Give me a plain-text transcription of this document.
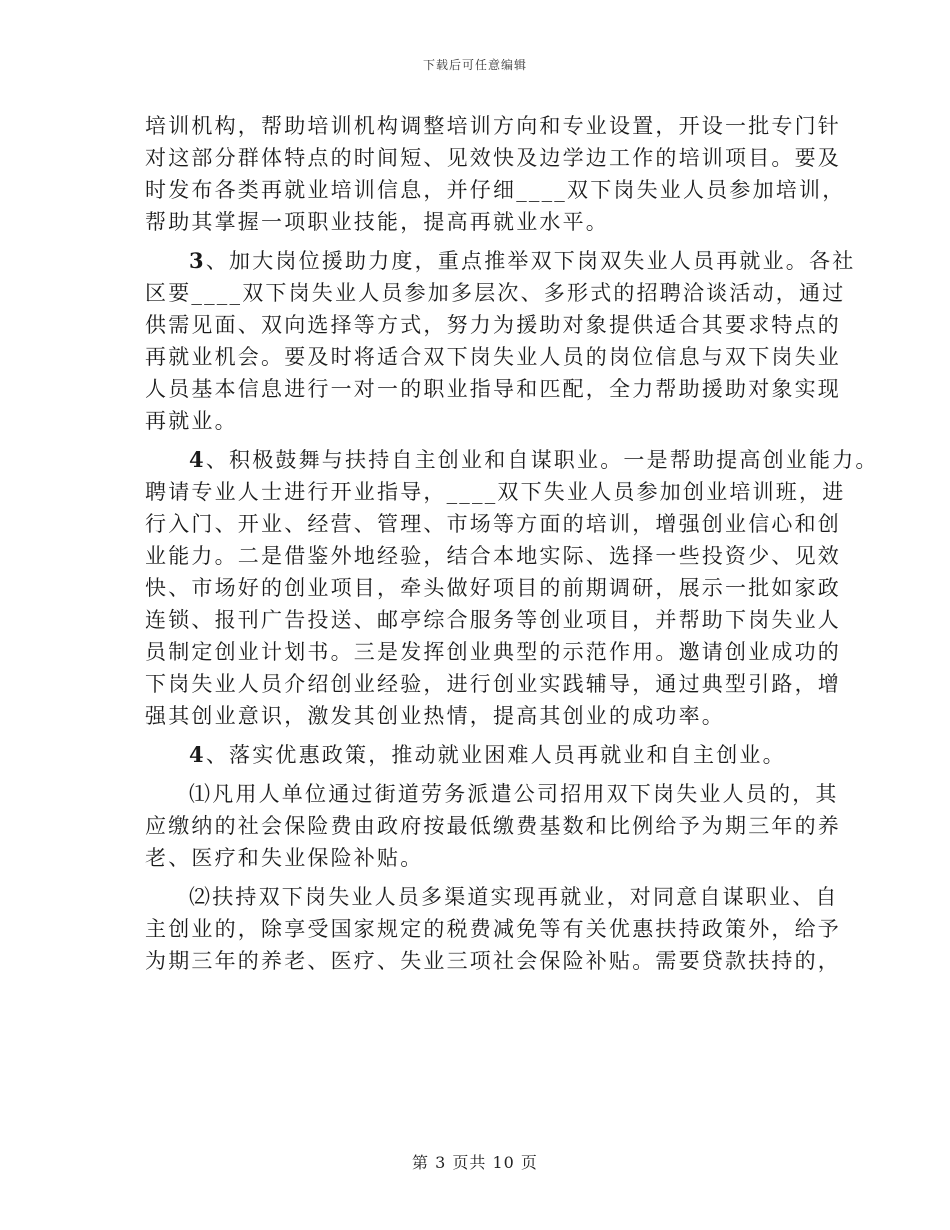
下载后可任意编辑
培训机构，帮助培训机构调整培训方向和专业设置，开设一批专门针
对这部分群体特点的时间短、见效快及边学边工作的培训项目。要及
时发布各类再就业培训信息，并仔细____双下岗失业人员参加培训，
帮助其掌握一项职业技能，提高再就业水平。
3、加大岗位援助力度，重点推举双下岗双失业人员再就业。各社
区要____双下岗失业人员参加多层次、多形式的招聘洽谈活动，通过
供需见面、双向选择等方式，努力为援助对象提供适合其要求特点的
再就业机会。要及时将适合双下岗失业人员的岗位信息与双下岗失业
人员基本信息进行一对一的职业指导和匹配，全力帮助援助对象实现
再就业。
4、积极鼓舞与扶持自主创业和自谋职业。一是帮助提高创业能力。
聘请专业人士进行开业指导，____双下失业人员参加创业培训班，进
行入门、开业、经营、管理、市场等方面的培训，增强创业信心和创
业能力。二是借鉴外地经验，结合本地实际、选择一些投资少、见效
快、市场好的创业项目，牵头做好项目的前期调研，展示一批如家政
连锁、报刊广告投送、邮亭综合服务等创业项目，并帮助下岗失业人
员制定创业计划书。三是发挥创业典型的示范作用。邀请创业成功的
下岗失业人员介绍创业经验，进行创业实践辅导，通过典型引路，增
强其创业意识，激发其创业热情，提高其创业的成功率。
4、落实优惠政策，推动就业困难人员再就业和自主创业。
⑴凡用人单位通过街道劳务派遣公司招用双下岗失业人员的，其
应缴纳的社会保险费由政府按最低缴费基数和比例给予为期三年的养
老、医疗和失业保险补贴。
⑵扶持双下岗失业人员多渠道实现再就业，对同意自谋职业、自
主创业的，除享受国家规定的税费减免等有关优惠扶持政策外，给予
为期三年的养老、医疗、失业三项社会保险补贴。需要贷款扶持的，
第 3 页共 10 页
